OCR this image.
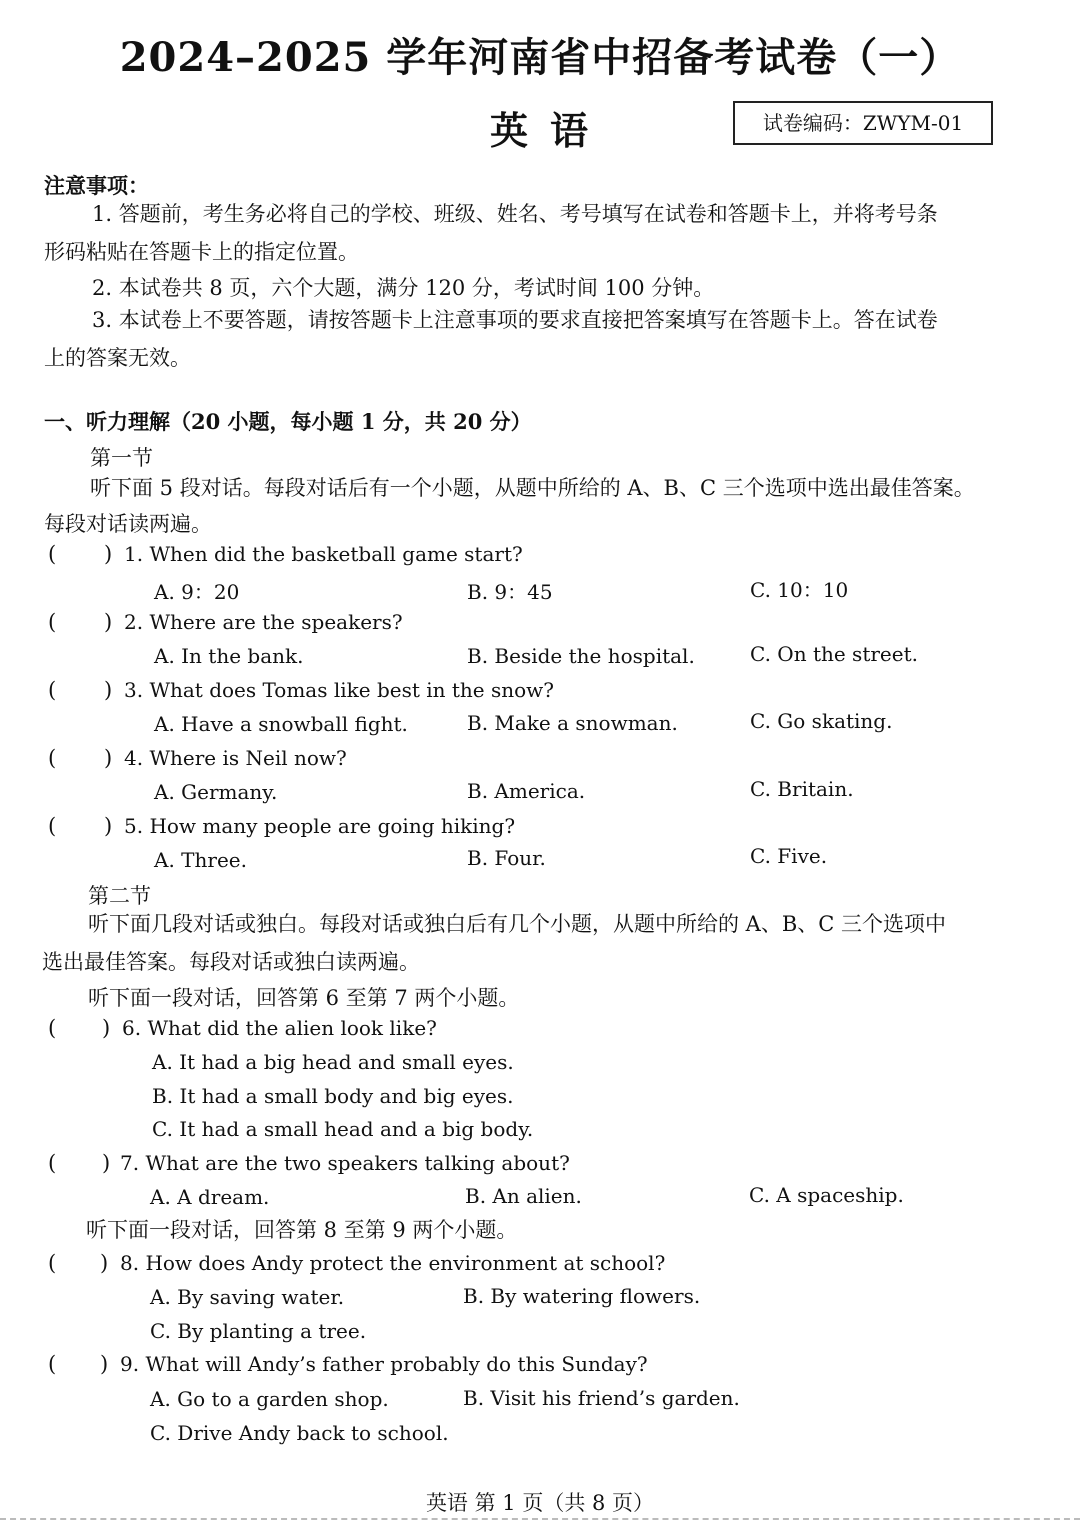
2024–2025 学年河南省中招备考试卷（一）
英语	试卷编码：ZWYM-01
注意事项：
1. 答题前，考生务必将自己的学校、班级、姓名、考号填写在试卷和答题卡上，并将考号条
形码粘贴在答题卡上的指定位置。
2. 本试卷共 8 页，六个大题，满分 120 分，考试时间 100 分钟。
3. 本试卷上不要答题，请按答题卡上注意事项的要求直接把答案填写在答题卡上。答在试卷
上的答案无效。
一、听力理解（20 小题，每小题 1 分，共 20 分）
第一节
听下面 5 段对话。每段对话后有一个小题，从题中所给的 A、B、C 三个选项中选出最佳答案。
每段对话读两遍。
( ) 1. When did the basketball game start?
A. 9：20	B. 9：45	C. 10：10
( ) 2. Where are the speakers?
A. In the bank.	B. Beside the hospital.	C. On the street.
( ) 3. What does Tomas like best in the snow?
A. Have a snowball fight.	B. Make a snowman.	C. Go skating.
( ) 4. Where is Neil now?
A. Germany.	B. America.	C. Britain.
( ) 5. How many people are going hiking?
A. Three.	B. Four.	C. Five.
第二节
听下面几段对话或独白。每段对话或独白后有几个小题，从题中所给的 A、B、C 三个选项中
选出最佳答案。每段对话或独白读两遍。
听下面一段对话，回答第 6 至第 7 两个小题。
( ) 6. What did the alien look like?
A. It had a big head and small eyes.
B. It had a small body and big eyes.
C. It had a small head and a big body.
( ) 7. What are the two speakers talking about?
A. A dream.	B. An alien.	C. A spaceship.
听下面一段对话，回答第 8 至第 9 两个小题。
( ) 8. How does Andy protect the environment at school?
A. By saving water.	B. By watering flowers.
C. By planting a tree.
( ) 9. What will Andy’s father probably do this Sunday?
A. Go to a garden shop.	B. Visit his friend’s garden.
C. Drive Andy back to school.
英语 第 1 页（共 8 页）
